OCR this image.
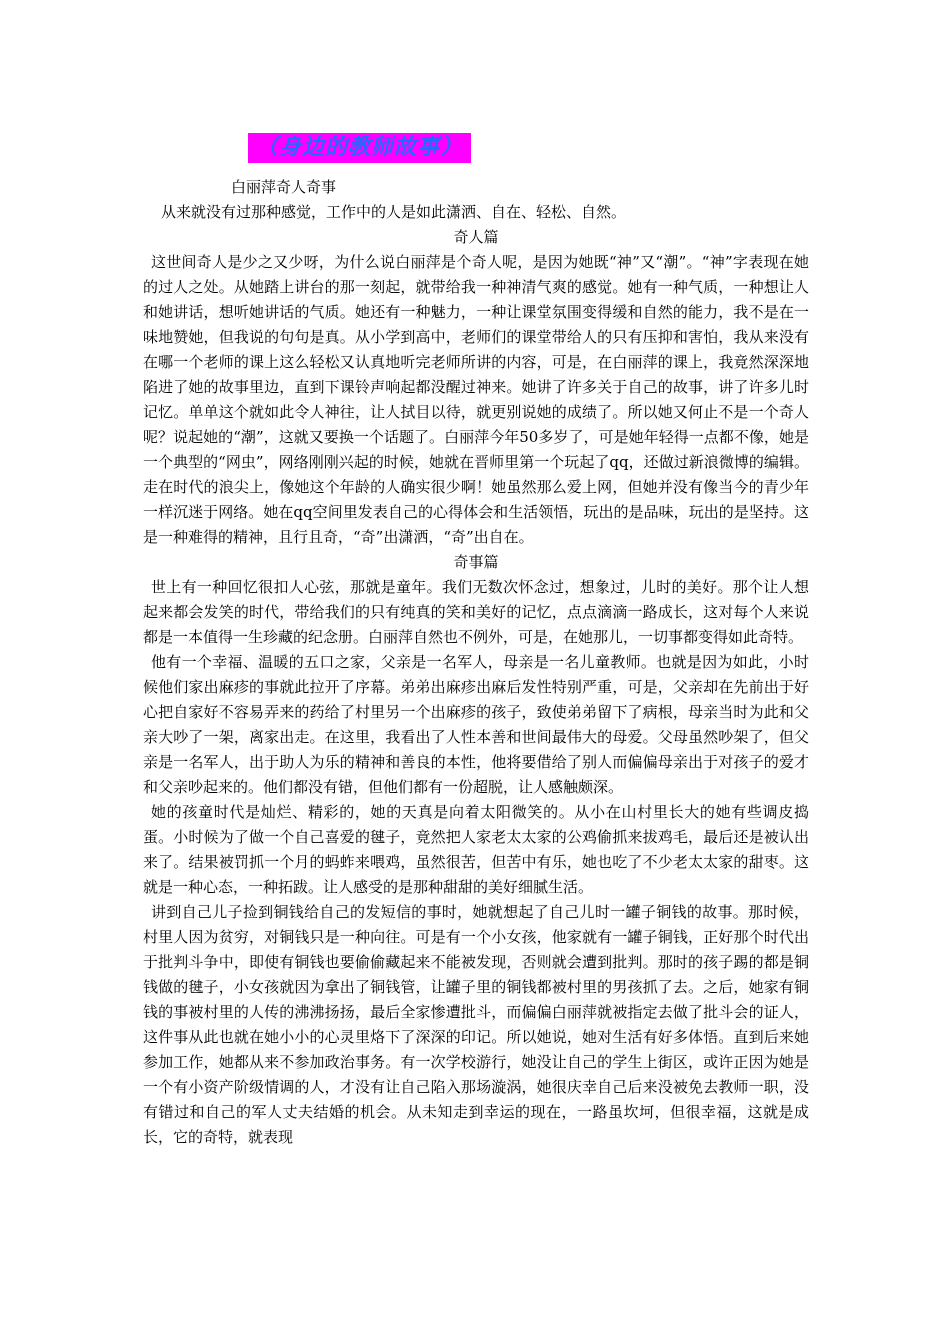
（身边的教师故事）
白丽萍奇人奇事
从来就没有过那种感觉，工作中的人是如此潇洒、自在、轻松、自然。
奇人篇

这世间奇人是少之又少呀，为什么说白丽萍是个奇人呢，是因为她既“神”又“潮”。“神”字表现在她的过人之处。从她踏上讲台的那一刻起，就带给我一种神清气爽的感觉。她有一种气质，一种想让人和她讲话，想听她讲话的气质。她还有一种魅力，一种让课堂氛围变得缓和自然的能力，我不是在一味地赞她，但我说的句句是真。从小学到高中，老师们的课堂带给人的只有压抑和害怕，我从来没有在哪一个老师的课上这么轻松又认真地听完老师所讲的内容，可是，在白丽萍的课上，我竟然深深地陷进了她的故事里边，直到下课铃声响起都没醒过神来。她讲了许多关于自己的故事，讲了许多儿时记忆。单单这个就如此令人神往，让人拭目以待，就更别说她的成绩了。所以她又何止不是一个奇人呢？说起她的“潮”，这就又要换一个话题了。白丽萍今年50多岁了，可是她年轻得一点都不像，她是一个典型的“网虫”，网络刚刚兴起的时候，她就在晋师里第一个玩起了qq，还做过新浪微博的编辑。走在时代的浪尖上，像她这个年龄的人确实很少啊！她虽然那么爱上网，但她并没有像当今的青少年一样沉迷于网络。她在qq空间里发表自己的心得体会和生活领悟，玩出的是品味，玩出的是坚持。这是一种难得的精神，且行且奇，“奇”出潇洒，“奇”出自在。

奇事篇

世上有一种回忆很扣人心弦，那就是童年。我们无数次怀念过，想象过，儿时的美好。那个让人想起来都会发笑的时代，带给我们的只有纯真的笑和美好的记忆，点点滴滴一路成长，这对每个人来说都是一本值得一生珍藏的纪念册。白丽萍自然也不例外，可是，在她那儿，一切事都变得如此奇特。

他有一个幸福、温暖的五口之家，父亲是一名军人，母亲是一名儿童教师。也就是因为如此，小时候他们家出麻疹的事就此拉开了序幕。弟弟出麻疹出麻后发性特别严重，可是，父亲却在先前出于好心把自家好不容易弄来的药给了村里另一个出麻疹的孩子，致使弟弟留下了病根，母亲当时为此和父亲大吵了一架，离家出走。在这里，我看出了人性本善和世间最伟大的母爱。父母虽然吵架了，但父亲是一名军人，出于助人为乐的精神和善良的本性，他将要借给了别人而偏偏母亲出于对孩子的爱才和父亲吵起来的。他们都没有错，但他们都有一份超脱，让人感触颇深。

她的孩童时代是灿烂、精彩的，她的天真是向着太阳微笑的。从小在山村里长大的她有些调皮捣蛋。小时候为了做一个自己喜爱的毽子，竟然把人家老太太家的公鸡偷抓来拔鸡毛，最后还是被认出来了。结果被罚抓一个月的蚂蚱来喂鸡，虽然很苦，但苦中有乐，她也吃了不少老太太家的甜枣。这就是一种心态，一种拓跋。让人感受的是那种甜甜的美好细腻生活。

讲到自己儿子捡到铜钱给自己的发短信的事时，她就想起了自己儿时一罐子铜钱的故事。那时候，村里人因为贫穷，对铜钱只是一种向往。可是有一个小女孩，他家就有一罐子铜钱，正好那个时代出于批判斗争中，即使有铜钱也要偷偷藏起来不能被发现，否则就会遭到批判。那时的孩子踢的都是铜钱做的毽子，小女孩就因为拿出了铜钱管，让罐子里的铜钱都被村里的男孩抓了去。之后，她家有铜钱的事被村里的人传的沸沸扬扬，最后全家惨遭批斗，而偏偏白丽萍就被指定去做了批斗会的证人，这件事从此也就在她小小的心灵里烙下了深深的印记。所以她说，她对生活有好多体悟。直到后来她参加工作，她都从来不参加政治事务。有一次学校游行，她没让自己的学生上街区，或许正因为她是一个有小资产阶级情调的人，才没有让自己陷入那场漩涡，她很庆幸自己后来没被免去教师一职，没有错过和自己的军人丈夫结婚的机会。从未知走到幸运的现在，一路虽坎坷，但很幸福，这就是成长，它的奇特，就表现
